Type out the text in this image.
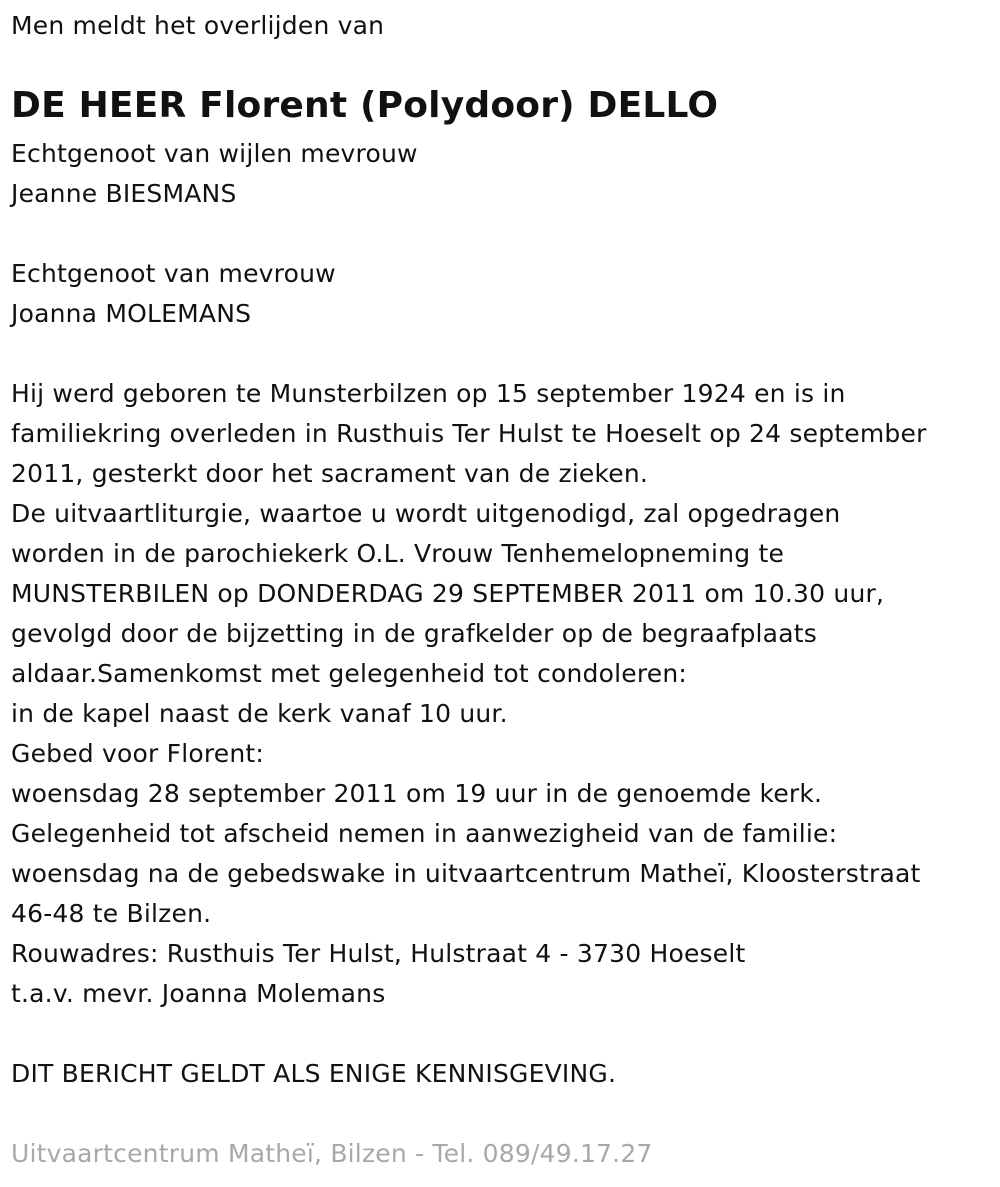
Men meldt het overlijden van
DE HEER Florent (Polydoor) DELLO
Echtgenoot van wijlen mevrouw
Jeanne BIESMANS
Echtgenoot van mevrouw
Joanna MOLEMANS
Hij werd geboren te Munsterbilzen op 15 september 1924 en is in
familiekring overleden in Rusthuis Ter Hulst te Hoeselt op 24 september
2011, gesterkt door het sacrament van de zieken.
De uitvaartliturgie, waartoe u wordt uitgenodigd, zal opgedragen
worden in de parochiekerk O.L. Vrouw Tenhemelopneming te
MUNSTERBILEN op DONDERDAG 29 SEPTEMBER 2011 om 10.30 uur,
gevolgd door de bijzetting in de grafkelder op de begraafplaats
aldaar.Samenkomst met gelegenheid tot condoleren:
in de kapel naast de kerk vanaf 10 uur.
Gebed voor Florent:
woensdag 28 september 2011 om 19 uur in de genoemde kerk.
Gelegenheid tot afscheid nemen in aanwezigheid van de familie:
woensdag na de gebedswake in uitvaartcentrum Matheï, Kloosterstraat
46-48 te Bilzen.
Rouwadres: Rusthuis Ter Hulst, Hulstraat 4 - 3730 Hoeselt
t.a.v. mevr. Joanna Molemans
DIT BERICHT GELDT ALS ENIGE KENNISGEVING.
Uitvaartcentrum Matheï, Bilzen - Tel. 089/49.17.27
